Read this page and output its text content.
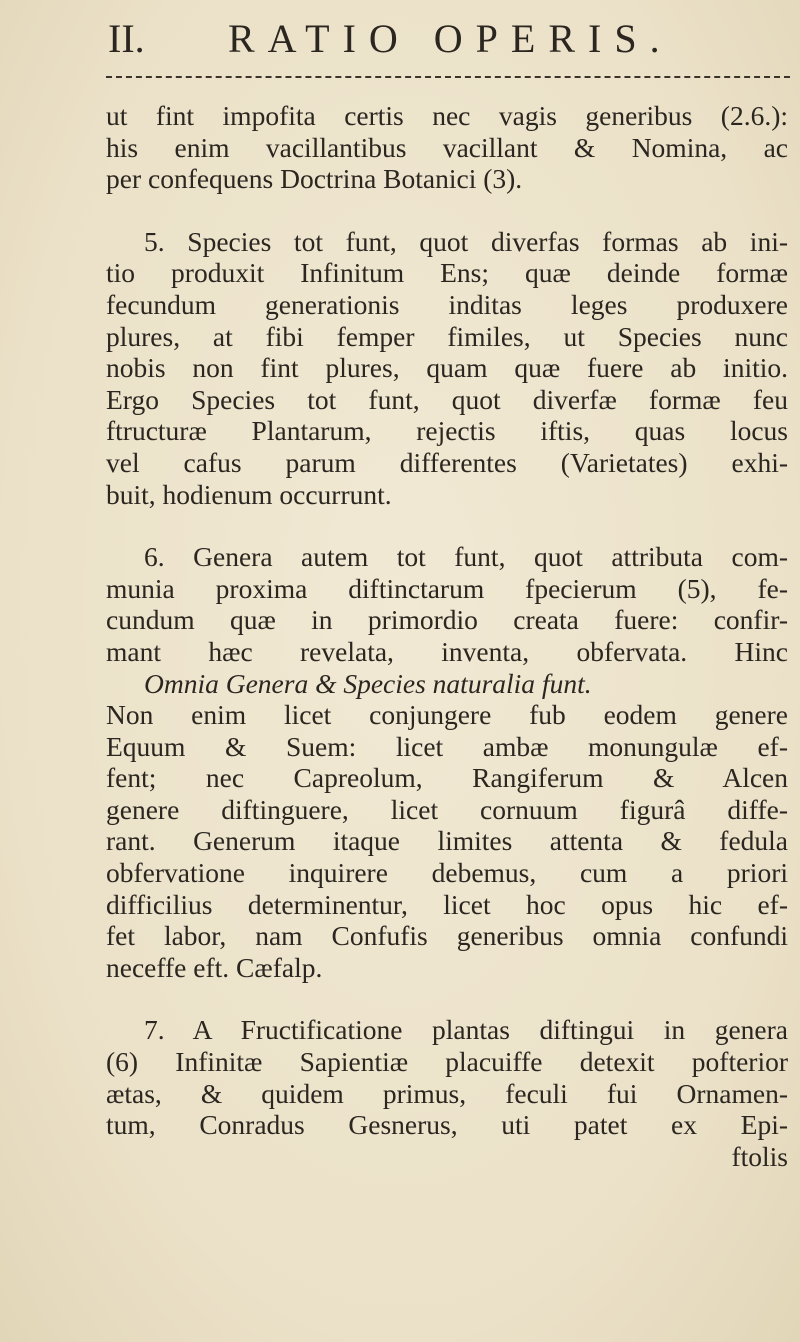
II. RATIO OPERIS.

ut fint impofita certis nec vagis generibus (2.6.):
his enim vacillantibus vacillant & Nomina, ac
per confequens Doctrina Botanici (3).

5. Species tot funt, quot diverfas formas ab ini-
tio produxit Infinitum Ens; quæ deinde formæ
fecundum generationis inditas leges produxere
plures, at fibi femper fimiles, ut Species nunc
nobis non fint plures, quam quæ fuere ab initio.
Ergo Species tot funt, quot diverfæ formæ feu
ftructuræ Plantarum, rejectis iftis, quas locus
vel cafus parum differentes (Varietates) exhi-
buit, hodienum occurrunt.

6. Genera autem tot funt, quot attributa com-
munia proxima diftinctarum fpecierum (5), fe-
cundum quæ in primordio creata fuere: confir-
mant hæc revelata, inventa, obfervata. Hinc
Omnia Genera & Species naturalia funt.
Non enim licet conjungere fub eodem genere
Equum & Suem: licet ambæ monungulæ ef-
fent; nec Capreolum, Rangiferum & Alcen
genere diftinguere, licet cornuum figurâ diffe-
rant. Generum itaque limites attenta & fedula
obfervatione inquirere debemus, cum a priori
difficilius determinentur, licet hoc opus hic ef-
fet labor, nam Confufis generibus omnia confundi
neceffe eft. Cæfalp.

7. A Fructificatione plantas diftingui in genera
(6) Infinitæ Sapientiæ placuiffe detexit pofterior
ætas, & quidem primus, feculi fui Ornamen-
tum, Conradus Gesnerus, uti patet ex Epi-
ftolis
